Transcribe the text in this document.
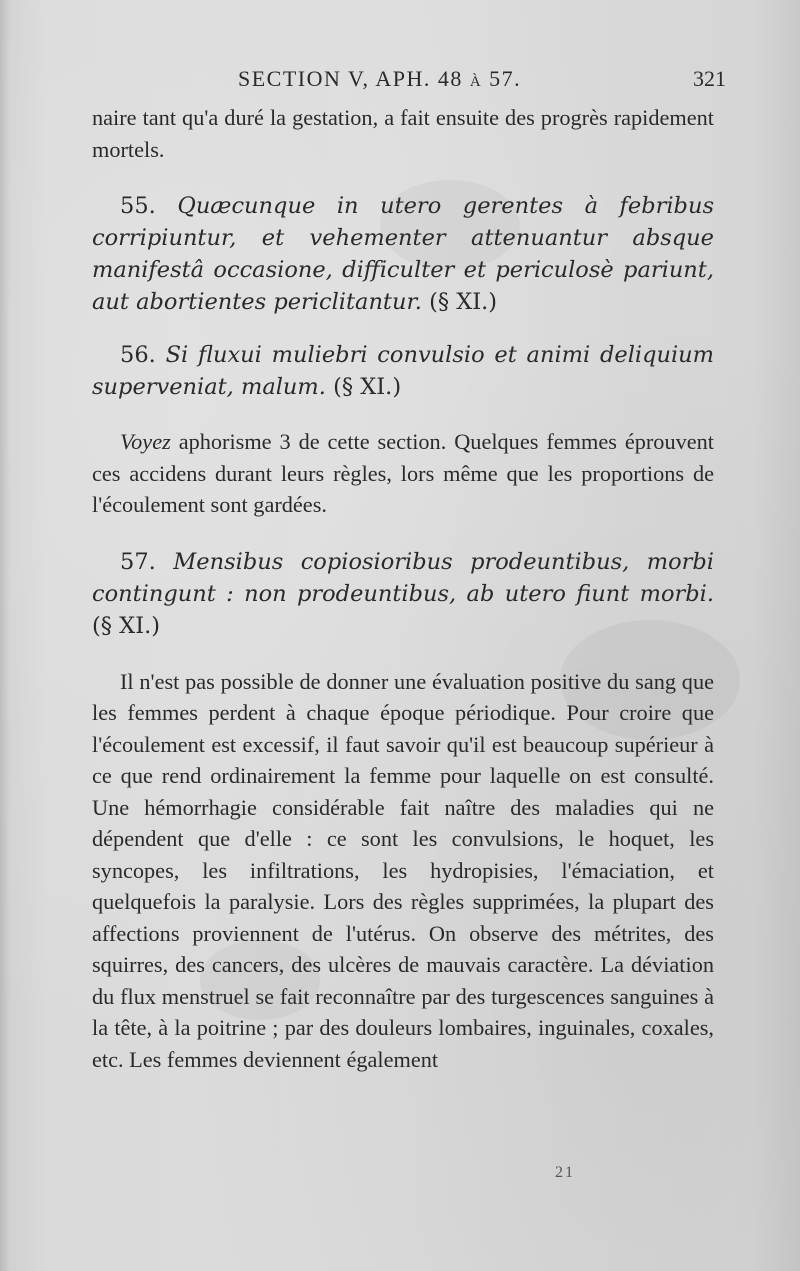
SECTION V, APH. 48 à 57.	321

naire tant qu'a duré la gestation, a fait ensuite des progrès rapidement mortels.

55. Quæcunque in utero gerentes à febribus corripiuntur, et vehementer attenuantur absque manifestâ occasione, difficulter et periculosè pariunt, aut abortientes periclitantur. (§ XI.)

56. Si fluxui muliebri convulsio et animi deliquium superveniat, malum. (§ XI.)

Voyez aphorisme 3 de cette section. Quelques femmes éprouvent ces accidens durant leurs règles, lors même que les proportions de l'écoulement sont gardées.

57. Mensibus copiosioribus prodeuntibus, morbi contingunt : non prodeuntibus, ab utero fiunt morbi. (§ XI.)

Il n'est pas possible de donner une évaluation positive du sang que les femmes perdent à chaque époque périodique. Pour croire que l'écoulement est excessif, il faut savoir qu'il est beaucoup supérieur à ce que rend ordinairement la femme pour laquelle on est consulté. Une hémorrhagie considérable fait naître des maladies qui ne dépendent que d'elle : ce sont les convulsions, le hoquet, les syncopes, les infiltrations, les hydropisies, l'émaciation, et quelquefois la paralysie. Lors des règles supprimées, la plupart des affections proviennent de l'utérus. On observe des métrites, des squirres, des cancers, des ulcères de mauvais caractère. La déviation du flux menstruel se fait reconnaître par des turgescences sanguines à la tête, à la poitrine ; par des douleurs lombaires, inguinales, coxales, etc. Les femmes deviennent également

21
